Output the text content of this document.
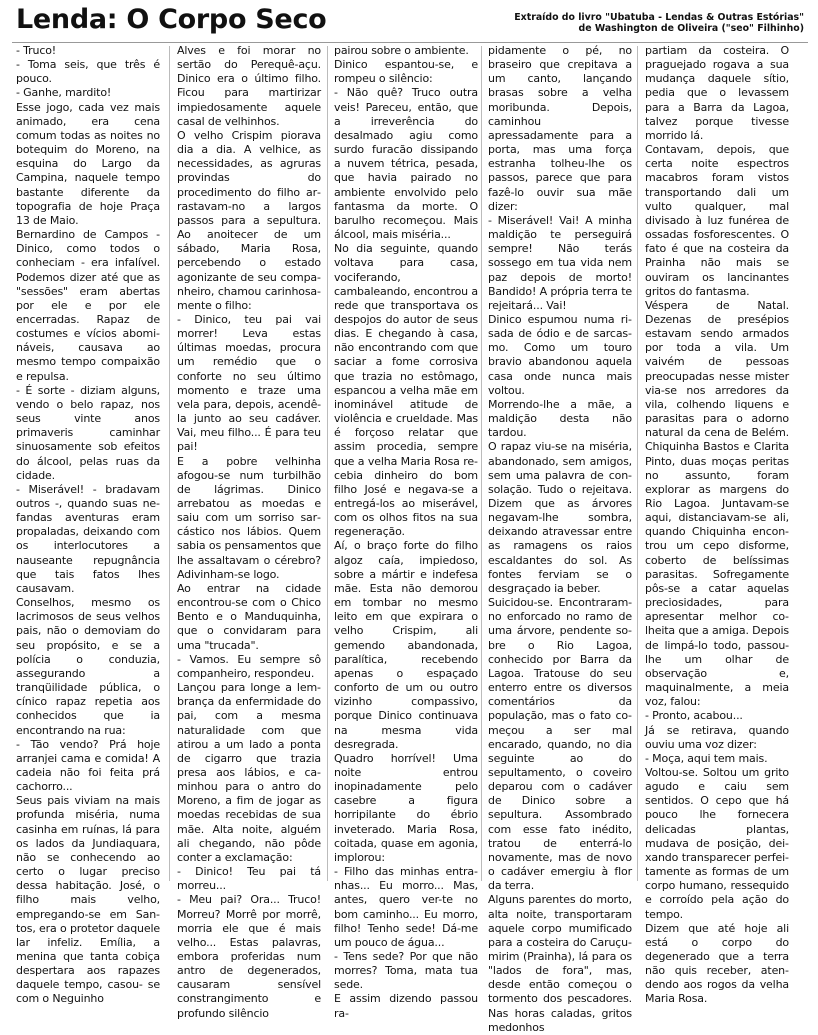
Lenda: O Corpo Seco	Extraído do livro "Ubatuba - Lendas & Outras Estórias"
de Washington de Oliveira ("seo" Filhinho)

- Truco!

- Toma seis, que três é pouco.

- Ganhe, mardito!

Esse jogo, cada vez mais animado, era cena comum todas as noites no botequim do Moreno, na esquina do Largo da Campina, naquele tempo bastante diferente da topografia de hoje Praça 13 de Maio.

Bernardino de Campos - Dinico, como todos o conheciam - era infalível. Podemos dizer até que as "sessões" eram abertas por ele e por ele encerradas. Rapaz de costumes e vícios abomináveis, causava ao mesmo tempo compaixão e repulsa.

- É sorte - diziam alguns, vendo o belo rapaz, nos seus vinte anos primaveris caminhar sinuosamente sob efeitos do álcool, pelas ruas da cidade.

- Miserável! - bradavam outros -, quando suas nefandas aventuras eram propaladas, deixando com os interlocutores a nauseante repugnância que tais fatos lhes causavam.

Conselhos, mesmo os lacrimosos de seus velhos pais, não o demoviam do seu propósito, e se a polícia o conduzia, assegurando a tranqüilidade pública, o cínico rapaz repetia aos conhecidos que ia encontrando na rua:

- Tão vendo? Prá hoje arranjei cama e comida! A cadeia não foi feita prá cachorro...

Seus pais viviam na mais profunda miséria, numa casinha em ruínas, lá para os lados da Jundiaquara, não se conhecendo ao certo o lugar preciso dessa habitação. José, o filho mais velho, empregando-se em Santos, era o protetor daquele lar infeliz. Emília, a menina que tanta cobiça despertara aos rapazes daquele tempo, casou- se com o Neguinho

Alves e foi morar no sertão do Perequê-açu. Dinico era o último filho. Ficou para martirizar impiedosamente aquele casal de velhinhos.

O velho Crispim piorava dia a dia. A velhice, as necessidades, as agruras provindas do procedimento do filho arrastavam-no a largos passos para a sepultura. Ao anoitecer de um sábado, Maria Rosa, percebendo o estado agonizante de seu companheiro, chamou carinhosamente o filho:

- Dinico, teu pai vai morrer! Leva estas últimas moedas, procura um remédio que o conforte no seu último momento e traze uma vela para, depois, acendê-la junto ao seu cadáver. Vai, meu filho... É para teu pai!

E a pobre velhinha afogou-se num turbilhão de lágrimas. Dinico arrebatou as moedas e saiu com um sorriso sarcástico nos lábios. Quem sabia os pensamentos que lhe assaltavam o cérebro? Adivinham-se logo.

Ao entrar na cidade encontrou-se com o Chico Bento e o Manduquinha, que o convidaram para uma "trucada".

- Vamos. Eu sempre sô companheiro, respondeu.

Lançou para longe a lembrança da enfermidade do pai, com a mesma naturalidade com que atirou a um lado a ponta de cigarro que trazia presa aos lábios, e caminhou para o antro do Moreno, a fim de jogar as moedas recebidas de sua mãe. Alta noite, alguém ali chegando, não pôde conter a exclamação:

- Dinico! Teu pai tá morreu...

- Meu pai? Ora... Truco! Morreu? Morrê por morrê, morria ele que é mais velho... Estas palavras, embora proferidas num antro de degenerados, causaram sensível constrangimento e profundo silêncio

pairou sobre o ambiente.

Dinico espantou-se, e rompeu o silêncio:

- Não quê? Truco outra veis! Pareceu, então, que a irreverência do desalmado agiu como surdo furacão dissipando a nuvem tétrica, pesada, que havia pairado no ambiente envolvido pelo fantasma da morte. O barulho recomeçou. Mais álcool, mais miséria...

No dia seguinte, quando voltava para casa, vociferando, cambaleando, encontrou a rede que transportava os despojos do autor de seus dias. E chegando à casa, não encontrando com que saciar a fome corrosiva que trazia no estômago, espancou a velha mãe em inominável atitude de violência e crueldade. Mas é forçoso relatar que assim procedia, sempre que a velha Maria Rosa recebia dinheiro do bom filho José e negava-se a entregá-los ao miserável, com os olhos fitos na sua regeneração.

Aí, o braço forte do filho algoz caía, impiedoso, sobre a mártir e indefesa mãe. Esta não demorou em tombar no mesmo leito em que expirara o velho Crispim, ali gemendo abandonada, paralítica, recebendo apenas o espaçado conforto de um ou outro vizinho compassivo, porque Dinico continuava na mesma vida desregrada.

Quadro horrível! Uma noite entrou inopinadamente pelo casebre a figura horripilante do ébrio inveterado. Maria Rosa, coitada, quase em agonia, implorou:

- Filho das minhas entranhas... Eu morro... Mas, antes, quero ver-te no bom caminho... Eu morro, filho! Tenho sede! Dá-me um pouco de água...

- Tens sede? Por que não morres? Toma, mata tua sede.

E assim dizendo passou ra-

pidamente o pé, no braseiro que crepitava a um canto, lançando brasas sobre a velha moribunda. Depois, caminhou apressadamente para a porta, mas uma força estranha tolheu-lhe os passos, parece que para fazê-lo ouvir sua mãe dizer:

- Miserável! Vai! A minha maldição te perseguirá sempre! Não terás sossego em tua vida nem paz depois de morto! Bandido! A própria terra te rejeitará... Vai!

Dinico espumou numa risada de ódio e de sarcasmo. Como um touro bravio abandonou aquela casa onde nunca mais voltou.

Morrendo-lhe a mãe, a maldição desta não tardou.

O rapaz viu-se na miséria, abandonado, sem amigos, sem uma palavra de consolação. Tudo o rejeitava. Dizem que as árvores negavam-lhe sombra, deixando atravessar entre as ramagens os raios escaldantes do sol. As fontes ferviam se o desgraçado ia beber.

Suicidou-se. Encontraram-no enforcado no ramo de uma árvore, pendente sobre o Rio Lagoa, conhecido por Barra da Lagoa. Tratouse do seu enterro entre os diversos comentários da população, mas o fato começou a ser mal encarado, quando, no dia seguinte ao do sepultamento, o coveiro deparou com o cadáver de Dinico sobre a sepultura. Assombrado com esse fato inédito, tratou de enterrá-lo novamente, mas de novo o cadáver emergiu à flor da terra.

Alguns parentes do morto, alta noite, transportaram aquele corpo mumificado para a costeira do Caruçumirim (Prainha), lá para os "lados de fora", mas, desde então começou o tormento dos pescadores. Nas horas caladas, gritos medonhos

partiam da costeira. O praguejado rogava a sua mudança daquele sítio, pedia que o levassem para a Barra da Lagoa, talvez porque tivesse morrido lá.

Contavam, depois, que certa noite espectros macabros foram vistos transportando dali um vulto qualquer, mal divisado à luz funérea de ossadas fosforescentes. O fato é que na costeira da Prainha não mais se ouviram os lancinantes gritos do fantasma.

Véspera de Natal. Dezenas de presépios estavam sendo armados por toda a vila. Um vaivém de pessoas preocupadas nesse mister via-se nos arredores da vila, colhendo liquens e parasitas para o adorno natural da cena de Belém. Chiquinha Bastos e Clarita Pinto, duas moças peritas no assunto, foram explorar as margens do Rio Lagoa. Juntavam-se aqui, distanciavam-se ali, quando Chiquinha encontrou um cepo disforme, coberto de belíssimas parasitas. Sofregamente pôs-se a catar aquelas preciosidades, para apresentar melhor colheita que a amiga. Depois de limpá-lo todo, passou-lhe um olhar de observação e, maquinalmente, a meia voz, falou:

- Pronto, acabou...

Já se retirava, quando ouviu uma voz dizer:

- Moça, aqui tem mais.

Voltou-se. Soltou um grito agudo e caiu sem sentidos. O cepo que há pouco lhe fornecera delicadas plantas, mudava de posição, deixando transparecer perfeitamente as formas de um corpo humano, ressequido e corroído pela ação do tempo.

Dizem que até hoje ali está o corpo do degenerado que a terra não quis receber, atendendo aos rogos da velha Maria Rosa.
